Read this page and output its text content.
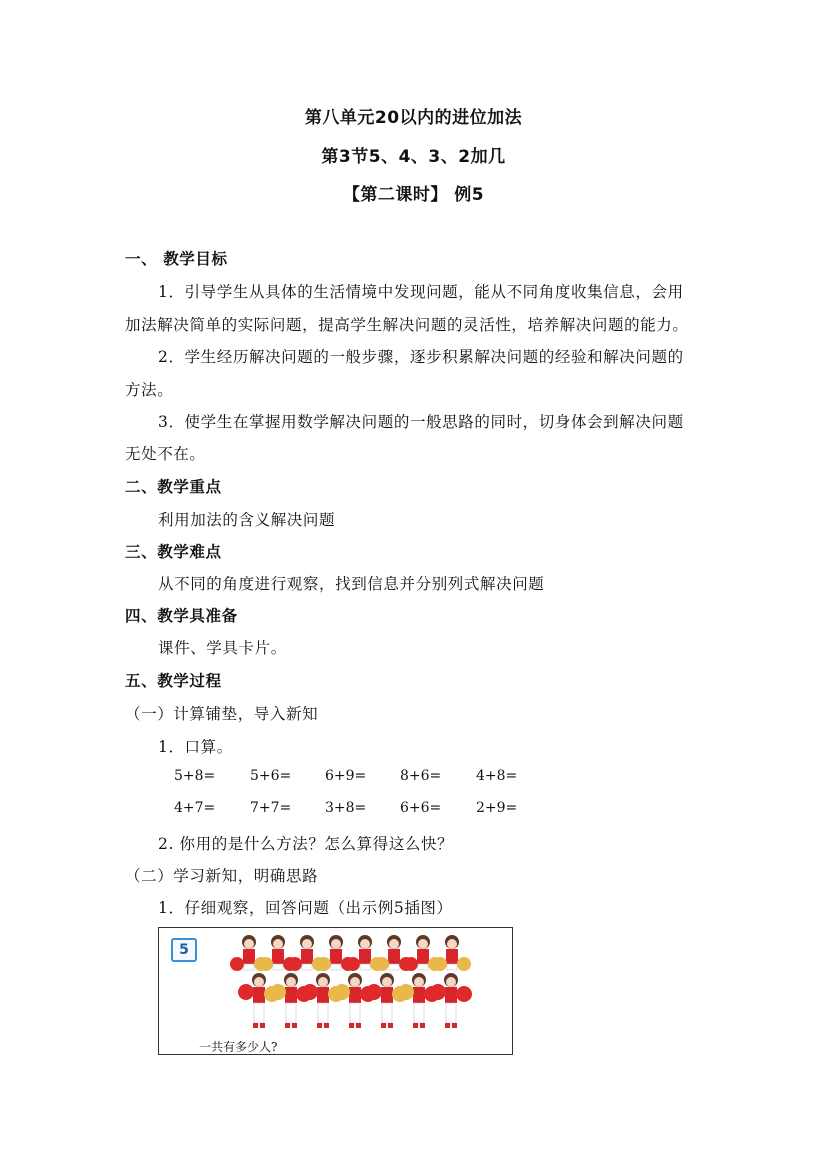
第八单元20以内的进位加法
第3节5、4、3、2加几
【第二课时】 例5
一、 教学目标
1．引导学生从具体的生活情境中发现问题，能从不同角度收集信息，会用
加法解决简单的实际问题，提高学生解决问题的灵活性，培养解决问题的能力。
2．学生经历解决问题的一般步骤，逐步积累解决问题的经验和解决问题的
方法。
3．使学生在掌握用数学解决问题的一般思路的同时，切身体会到解决问题
无处不在。
二、教学重点
利用加法的含义解决问题
三、教学难点
从不同的角度进行观察，找到信息并分别列式解决问题
四、教学具准备
课件、学具卡片。
五、教学过程
（一）计算铺垫，导入新知
1．口算。
5+8= 5+6= 6+9= 8+6= 4+8=
4+7= 7+7= 3+8= 6+6= 2+9=
2. 你用的是什么方法？怎么算得这么快？
（二）学习新知，明确思路
1．仔细观察，回答问题（出示例5插图）
5
一共有多少人?
